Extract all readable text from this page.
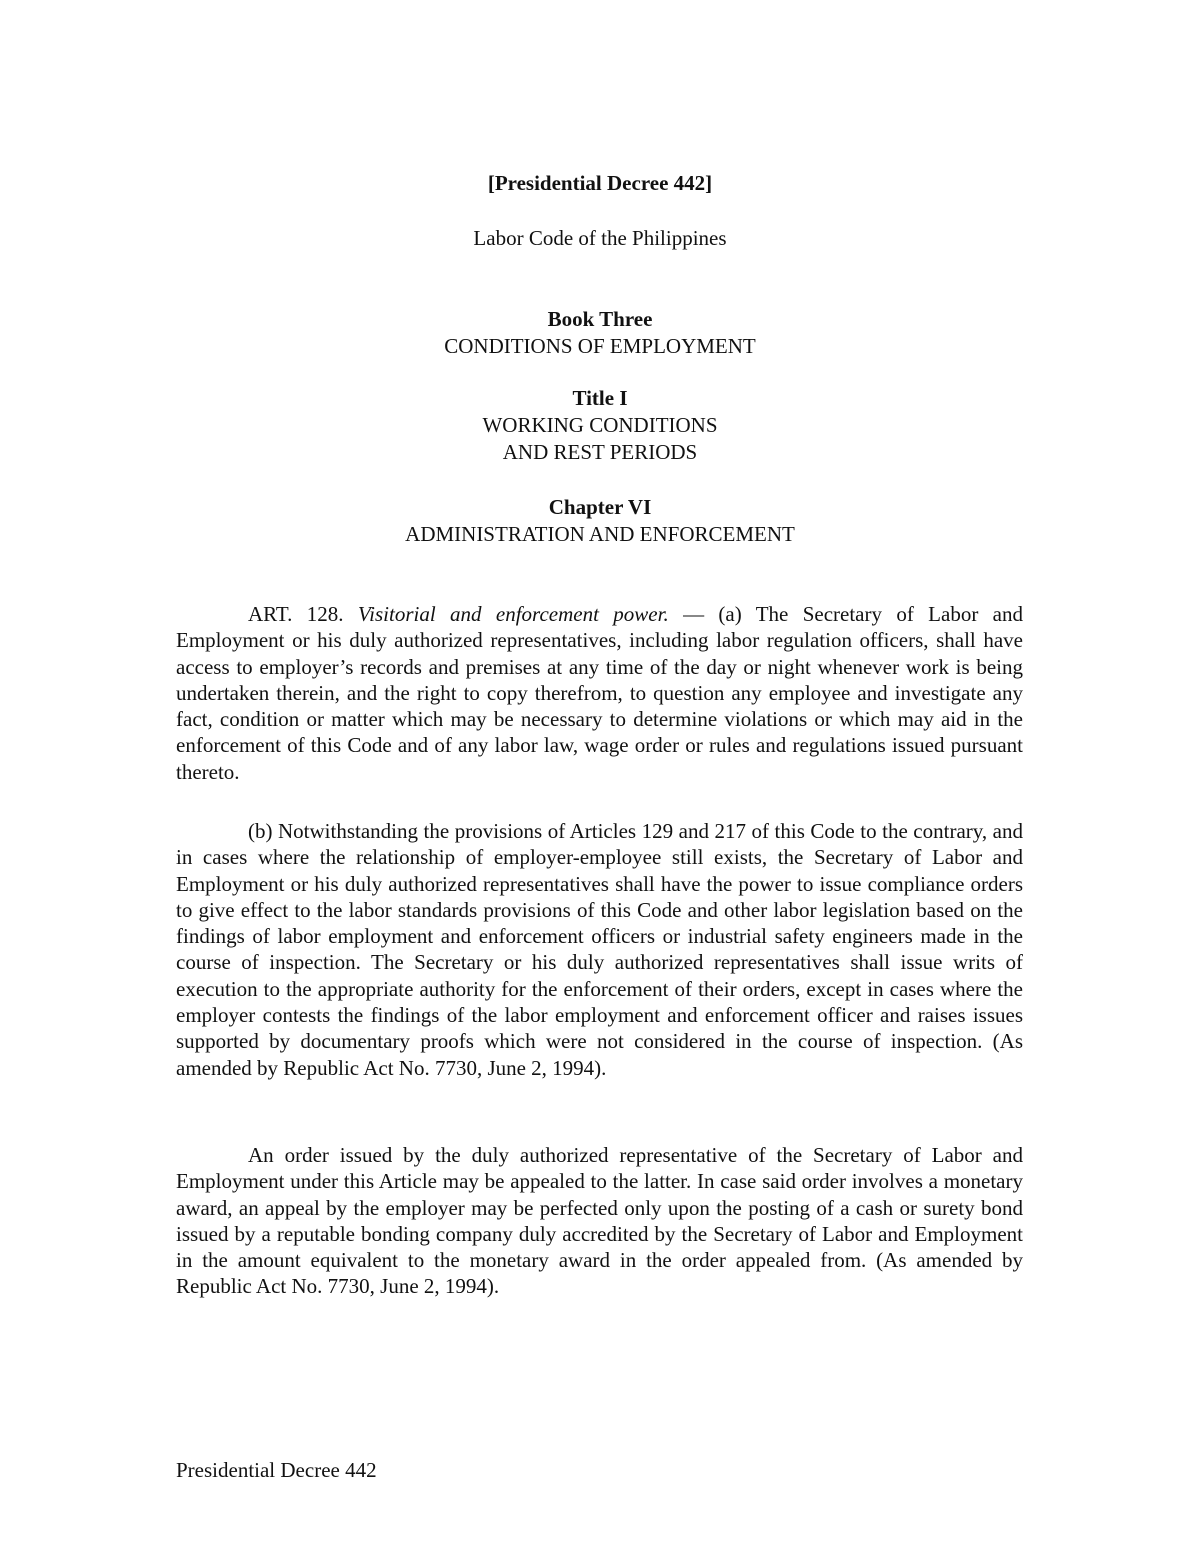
[Presidential Decree 442]

Labor Code of the Philippines

Book Three

CONDITIONS OF EMPLOYMENT

Title I

WORKING CONDITIONS

AND REST PERIODS

Chapter VI

ADMINISTRATION AND ENFORCEMENT

ART. 128. Visitorial and enforcement power. — (a) The Secretary of Labor and Employment or his duly authorized representatives, including labor regulation officers, shall have access to employer’s records and premises at any time of the day or night whenever work is being undertaken therein, and the right to copy therefrom, to question any employee and investigate any fact, condition or matter which may be necessary to determine violations or which may aid in the enforcement of this Code and of any labor law, wage order or rules and regulations issued pursuant thereto.

(b) Notwithstanding the provisions of Articles 129 and 217 of this Code to the contrary, and in cases where the relationship of employer-employee still exists, the Secretary of Labor and Employment or his duly authorized representatives shall have the power to issue compliance orders to give effect to the labor standards provisions of this Code and other labor legislation based on the findings of labor employment and enforcement officers or industrial safety engineers made in the course of inspection. The Secretary or his duly authorized representatives shall issue writs of execution to the appropriate authority for the enforcement of their orders, except in cases where the employer contests the findings of the labor employment and enforcement officer and raises issues supported by documentary proofs which were not considered in the course of inspection. (As amended by Republic Act No. 7730, June 2, 1994).

An order issued by the duly authorized representative of the Secretary of Labor and Employment under this Article may be appealed to the latter. In case said order involves a monetary award, an appeal by the employer may be perfected only upon the posting of a cash or surety bond issued by a reputable bonding company duly accredited by the Secretary of Labor and Employment in the amount equivalent to the monetary award in the order appealed from. (As amended by Republic Act No. 7730, June 2, 1994).

Presidential Decree 442
